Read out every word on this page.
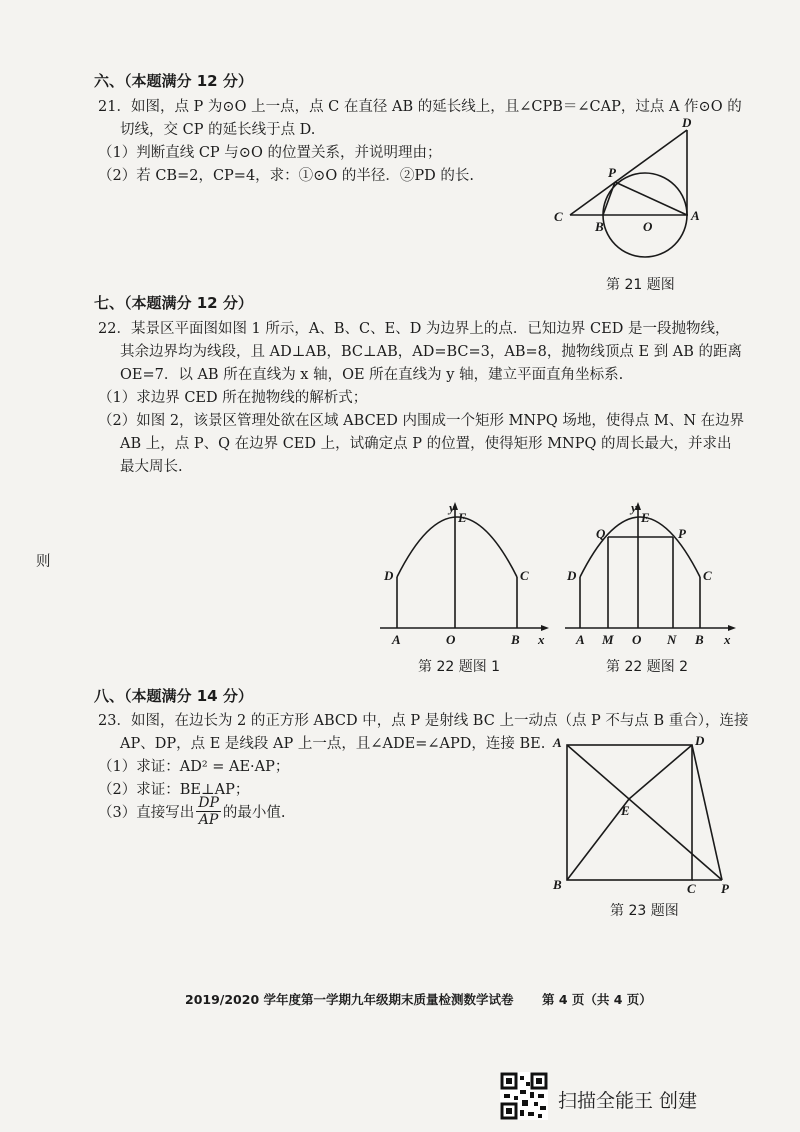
六、（本题满分 12 分）
21．如图，点 P 为⊙O 上一点，点 C 在直径 AB 的延长线上，且∠CPB＝∠CAP，过点 A 作⊙O 的
切线，交 CP 的延长线于点 D.
（1）判断直线 CP 与⊙O 的位置关系，并说明理由；
（2）若 CB=2，CP=4，求：①⊙O 的半径．②PD 的长.
D
P
C
B	O
A
第 21 题图
七、（本题满分 12 分）
22．某景区平面图如图 1 所示，A、B、C、E、D 为边界上的点．已知边界 CED 是一段抛物线，
其余边界均为线段，且 AD⊥AB，BC⊥AB，AD=BC=3，AB=8，抛物线顶点 E 到 AB 的距离
OE=7．以 AB 所在直线为 x 轴，OE 所在直线为 y 轴，建立平面直角坐标系.
（1）求边界 CED 所在抛物线的解析式；
（2）如图 2，该景区管理处欲在区域 ABCED 内围成一个矩形 MNPQ 场地，使得点 M、N 在边界
AB 上，点 P、Q 在边界 CED 上，试确定点 P 的位置，使得矩形 MNPQ 的周长最大，并求出
最大周长.
则
y
E
D	C
A	O	B x
第 22 题图 1
y
E
Q	P
D	C
A M O N B x
第 22 题图 2
八、（本题满分 14 分）
23．如图，在边长为 2 的正方形 ABCD 中，点 P 是射线 BC 上一动点（点 P 不与点 B 重合），连接
AP、DP，点 E 是线段 AP 上一点，且∠ADE=∠APD，连接 BE.
（1）求证：AD² = AE·AP；
（2）求证：BE⊥AP；
（3）直接写出 $\frac{DP}{AP}$ 的最小值.
A	D
E
B	C P
第 23 题图
2019/2020 学年度第一学期九年级期末质量检测数学试卷 第 4 页（共 4 页）
扫描全能王 创建
